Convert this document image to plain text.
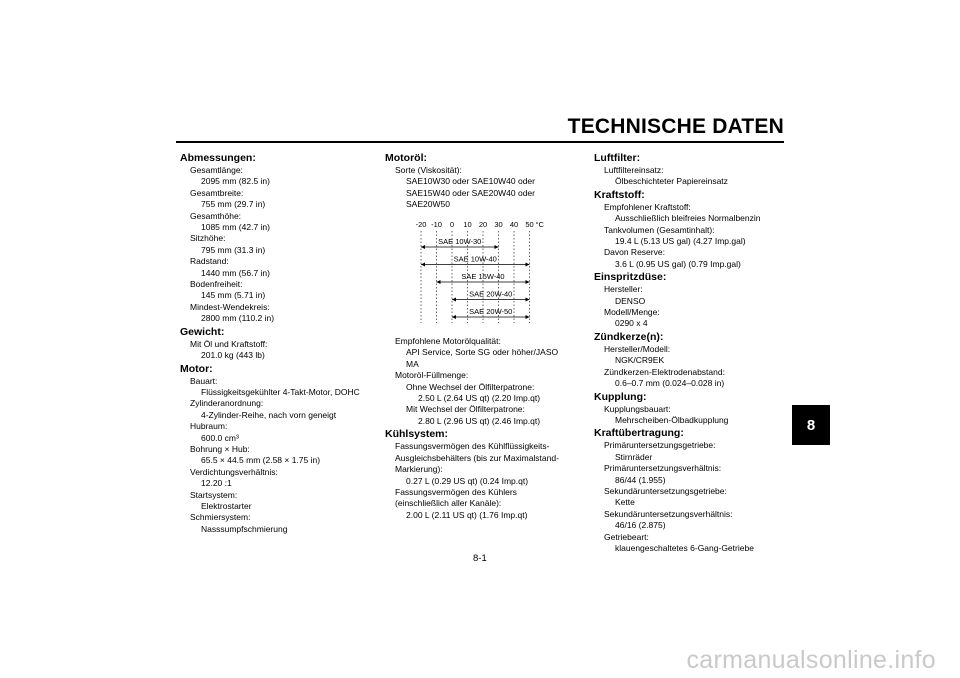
TECHNISCHE DATEN
Abmessungen:
Gesamtlänge:
2095 mm (82.5 in)
Gesamtbreite:
755 mm (29.7 in)
Gesamthöhe:
1085 mm (42.7 in)
Sitzhöhe:
795 mm (31.3 in)
Radstand:
1440 mm (56.7 in)
Bodenfreiheit:
145 mm (5.71 in)
Mindest-Wendekreis:
2800 mm (110.2 in)
Gewicht:
Mit Öl und Kraftstoff:
201.0 kg (443 lb)
Motor:
Bauart:
Flüssigkeitsgekühlter 4-Takt-Motor, DOHC
Zylinderanordnung:
4-Zylinder-Reihe, nach vorn geneigt
Hubraum:
600.0 cm³
Bohrung × Hub:
65.5 × 44.5 mm (2.58 × 1.75 in)
Verdichtungsverhältnis:
12.20 :1
Startsystem:
Elektrostarter
Schmiersystem:
Nasssumpfschmierung
Motoröl:
Sorte (Viskosität):
SAE10W30 oder SAE10W40 oder
SAE15W40 oder SAE20W40 oder
SAE20W50
-20 -10 0 10 20 30 40 50 °C
SAE 10W-30
SAE 10W-40
SAE 15W-40
SAE 20W-40
SAE 20W-50
Empfohlene Motorölqualität:
API Service, Sorte SG oder höher/JASO
MA
Motoröl-Füllmenge:
Ohne Wechsel der Ölfilterpatrone:
2.50 L (2.64 US qt) (2.20 Imp.qt)
Mit Wechsel der Ölfilterpatrone:
2.80 L (2.96 US qt) (2.46 Imp.qt)
Kühlsystem:
Fassungsvermögen des Kühlflüssigkeits-
Ausgleichsbehälters (bis zur Maximalstand-
Markierung):
0.27 L (0.29 US qt) (0.24 Imp.qt)
Fassungsvermögen des Kühlers
(einschließlich aller Kanäle):
2.00 L (2.11 US qt) (1.76 Imp.qt)
Luftfilter:
Luftfiltereinsatz:
Ölbeschichteter Papiereinsatz
Kraftstoff:
Empfohlener Kraftstoff:
Ausschließlich bleifreies Normalbenzin
Tankvolumen (Gesamtinhalt):
19.4 L (5.13 US gal) (4.27 Imp.gal)
Davon Reserve:
3.6 L (0.95 US gal) (0.79 Imp.gal)
Einspritzdüse:
Hersteller:
DENSO
Modell/Menge:
0290 x 4
Zündkerze(n):
Hersteller/Modell:
NGK/CR9EK
Zündkerzen-Elektrodenabstand:
0.6–0.7 mm (0.024–0.028 in)
Kupplung:
Kupplungsbauart:
Mehrscheiben-Ölbadkupplung
Kraftübertragung:
Primäruntersetzungsgetriebe:
Stirnräder
Primäruntersetzungsverhältnis:
86/44 (1.955)
Sekundäruntersetzungsgetriebe:
Kette
Sekundäruntersetzungsverhältnis:
46/16 (2.875)
Getriebeart:
klauengeschaltetes 6-Gang-Getriebe
8
8-1
carmanualsonline.info
